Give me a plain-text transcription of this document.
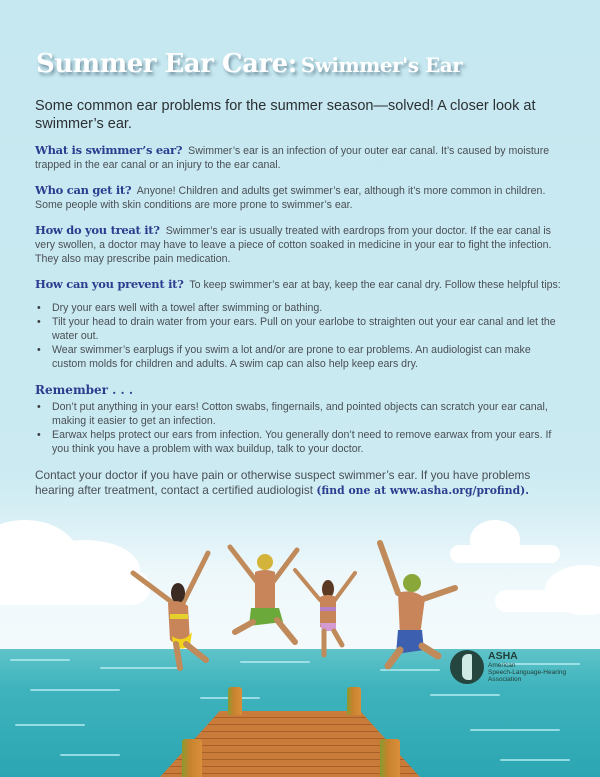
Summer Ear Care: Swimmer's Ear

Some common ear problems for the summer season—solved! A closer look at swimmer’s ear.

What is swimmer’s ear? Swimmer’s ear is an infection of your outer ear canal. It’s caused by moisture trapped in the ear canal or an injury to the ear canal.

Who can get it? Anyone! Children and adults get swimmer’s ear, although it’s more common in children. Some people with skin conditions are more prone to swimmer’s ear.

How do you treat it? Swimmer’s ear is usually treated with eardrops from your doctor. If the ear canal is very swollen, a doctor may have to leave a piece of cotton soaked in medicine in your ear to fight the infection. They also may prescribe pain medication.

How can you prevent it? To keep swimmer’s ear at bay, keep the ear canal dry. Follow these helpful tips:

• Dry your ears well with a towel after swimming or bathing.
• Tilt your head to drain water from your ears. Pull on your earlobe to straighten out your ear canal and let the water out.
• Wear swimmer’s earplugs if you swim a lot and/or are prone to ear problems. An audiologist can make custom molds for children and adults. A swim cap can also help keep ears dry.
Remember . . .
• Don’t put anything in your ears! Cotton swabs, fingernails, and pointed objects can scratch your ear canal, making it easier to get an infection.
• Earwax helps protect our ears from infection. You generally don’t need to remove earwax from your ears. If you think you have a problem with wax buildup, talk to your doctor.

Contact your doctor if you have pain or otherwise suspect swimmer’s ear. If you have problems hearing after treatment, contact a certified audiologist (find one at www.asha.org/profind).

ASHA
American
Speech-Language-Hearing
Association
